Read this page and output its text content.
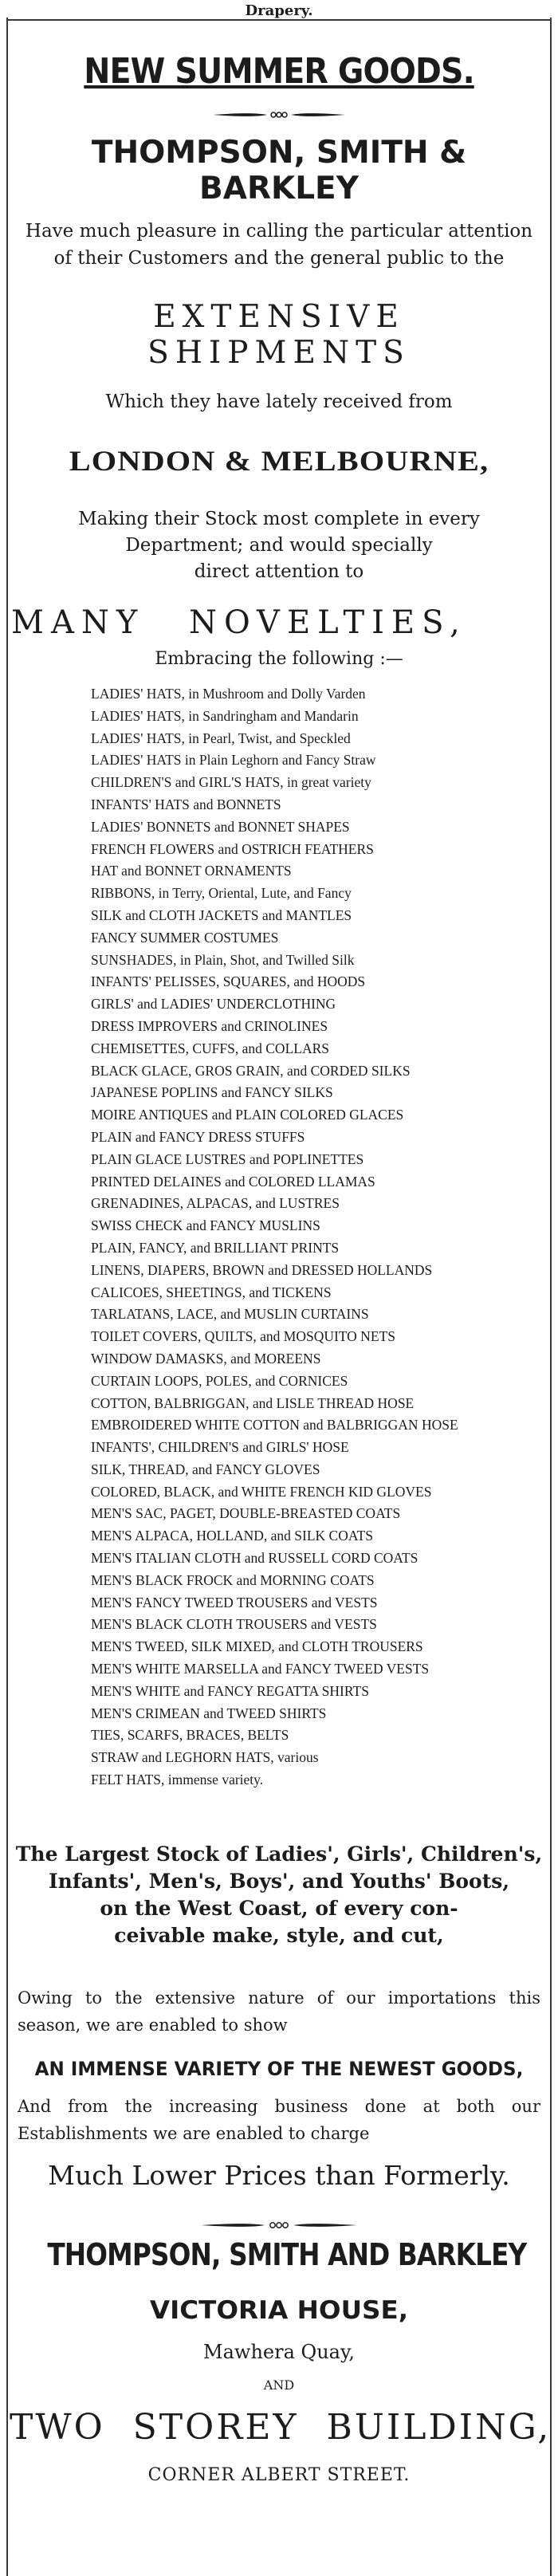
Drapery.
NEW SUMMER GOODS.
THOMPSON, SMITH & BARKLEY
Have much pleasure in calling the particular attention
of their Customers and the general public to the
EXTENSIVE SHIPMENTS
Which they have lately received from
LONDON & MELBOURNE,
Making their Stock most complete in every
Department; and would specially
direct attention to
MANY NOVELTIES,
Embracing the following :—
LADIES' HATS, in Mushroom and Dolly Varden
LADIES' HATS, in Sandringham and Mandarin
LADIES' HATS, in Pearl, Twist, and Speckled
LADIES' HATS in Plain Leghorn and Fancy Straw
CHILDREN'S and GIRL'S HATS, in great variety
INFANTS' HATS and BONNETS
LADIES' BONNETS and BONNET SHAPES
FRENCH FLOWERS and OSTRICH FEATHERS
HAT and BONNET ORNAMENTS
RIBBONS, in Terry, Oriental, Lute, and Fancy
SILK and CLOTH JACKETS and MANTLES
FANCY SUMMER COSTUMES
SUNSHADES, in Plain, Shot, and Twilled Silk
INFANTS' PELISSES, SQUARES, and HOODS
GIRLS' and LADIES' UNDERCLOTHING
DRESS IMPROVERS and CRINOLINES
CHEMISETTES, CUFFS, and COLLARS
BLACK GLACE, GROS GRAIN, and CORDED SILKS
JAPANESE POPLINS and FANCY SILKS
MOIRE ANTIQUES and PLAIN COLORED GLACES
PLAIN and FANCY DRESS STUFFS
PLAIN GLACE LUSTRES and POPLINETTES
PRINTED DELAINES and COLORED LLAMAS
GRENADINES, ALPACAS, and LUSTRES
SWISS CHECK and FANCY MUSLINS
PLAIN, FANCY, and BRILLIANT PRINTS
LINENS, DIAPERS, BROWN and DRESSED HOLLANDS
CALICOES, SHEETINGS, and TICKENS
TARLATANS, LACE, and MUSLIN CURTAINS
TOILET COVERS, QUILTS, and MOSQUITO NETS
WINDOW DAMASKS, and MOREENS
CURTAIN LOOPS, POLES, and CORNICES
COTTON, BALBRIGGAN, and LISLE THREAD HOSE
EMBROIDERED WHITE COTTON and BALBRIGGAN HOSE
INFANTS', CHILDREN'S and GIRLS' HOSE
SILK, THREAD, and FANCY GLOVES
COLORED, BLACK, and WHITE FRENCH KID GLOVES
MEN'S SAC, PAGET, DOUBLE-BREASTED COATS
MEN'S ALPACA, HOLLAND, and SILK COATS
MEN'S ITALIAN CLOTH and RUSSELL CORD COATS
MEN'S BLACK FROCK and MORNING COATS
MEN'S FANCY TWEED TROUSERS and VESTS
MEN'S BLACK CLOTH TROUSERS and VESTS
MEN'S TWEED, SILK MIXED, and CLOTH TROUSERS
MEN'S WHITE MARSELLA and FANCY TWEED VESTS
MEN'S WHITE and FANCY REGATTA SHIRTS
MEN'S CRIMEAN and TWEED SHIRTS
TIES, SCARFS, BRACES, BELTS
STRAW and LEGHORN HATS, various
FELT HATS, immense variety.
The Largest Stock of Ladies', Girls', Children's,
Infants', Men's, Boys', and Youths' Boots,
on the West Coast, of every con-
ceivable make, style, and cut,
Owing to the extensive nature of our importations this season, we are enabled to show
AN IMMENSE VARIETY OF THE NEWEST GOODS,
And from the increasing business done at both our Establishments we are enabled to charge
Much Lower Prices than Formerly.
THOMPSON, SMITH AND BARKLEY
VICTORIA HOUSE,
Mawhera Quay,
AND
TWO STOREY BUILDING,
CORNER ALBERT STREET.
